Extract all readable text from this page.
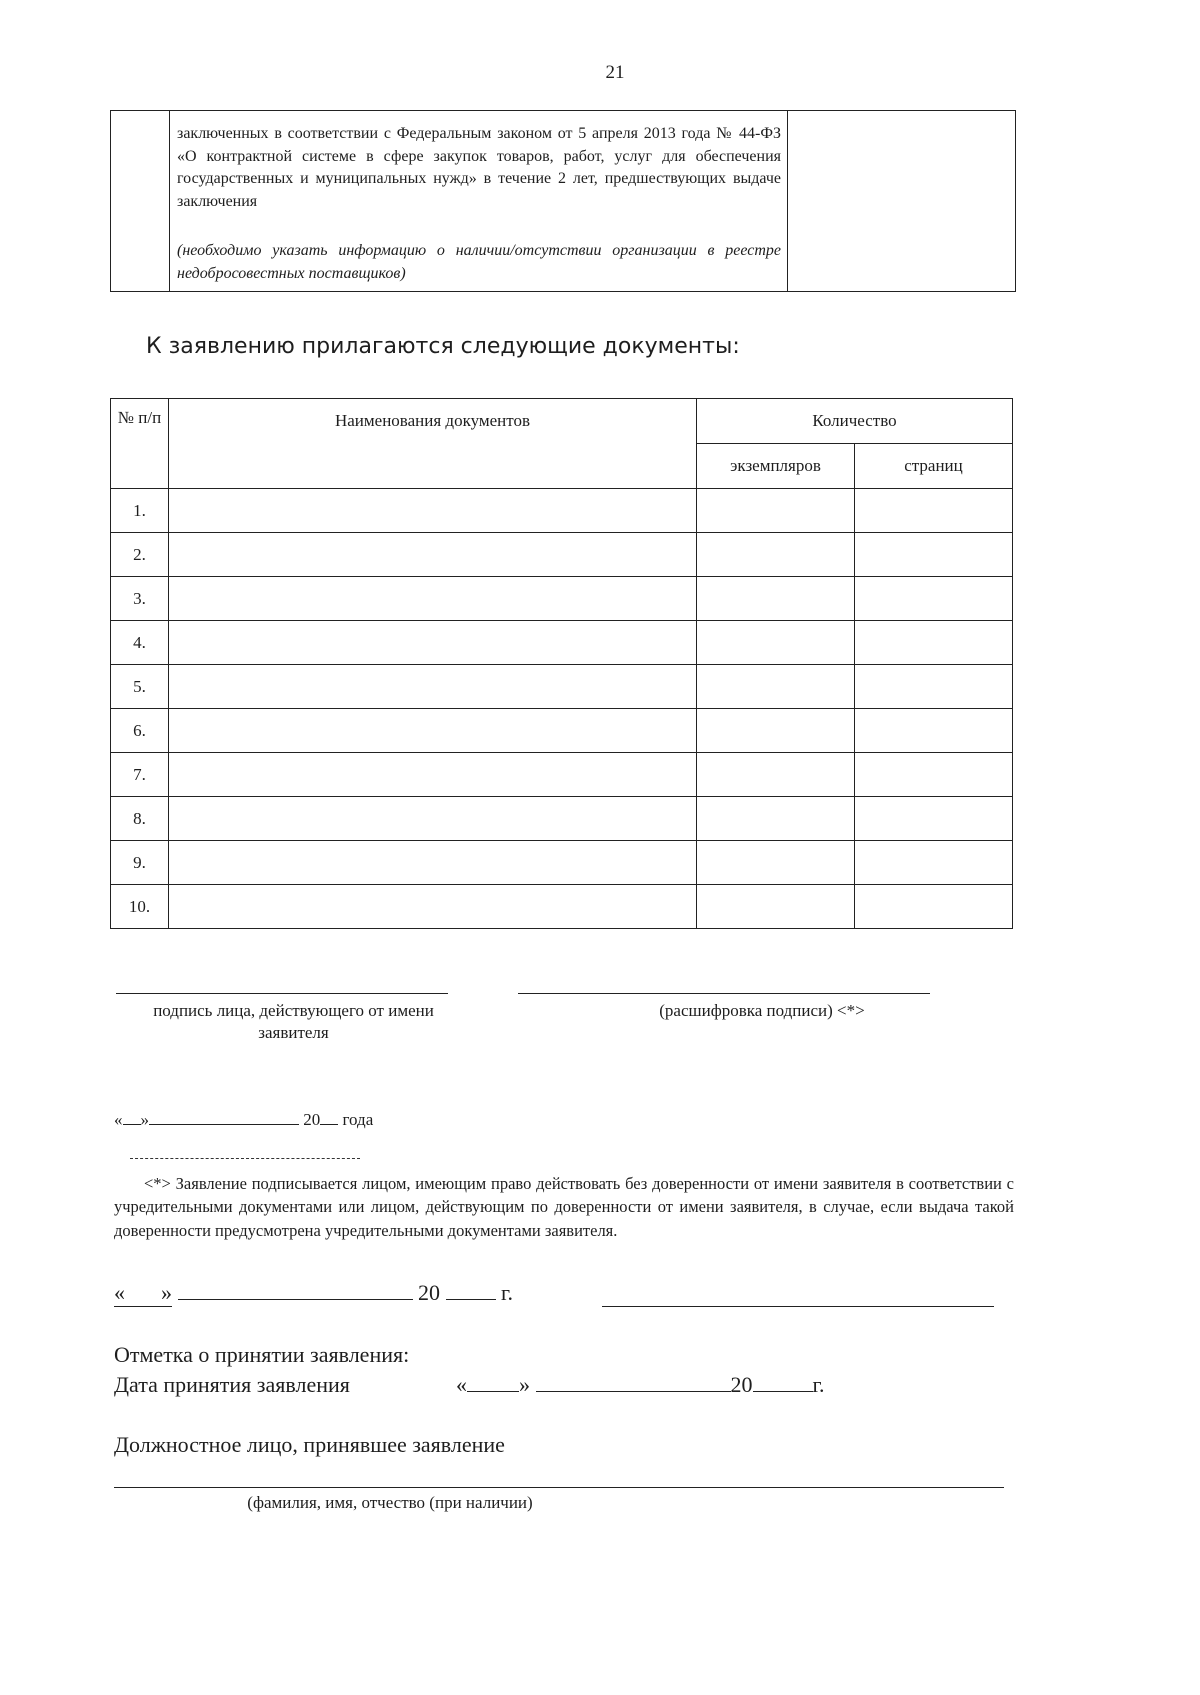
21
заключенных в соответствии с Федеральным законом от 5 апреля 2013 года № 44-ФЗ «О контрактной системе в сфере закупок товаров, работ, услуг для обеспечения государственных и муниципальных нужд» в течение 2 лет, предшествующих выдаче заключения
(необходимо указать информацию о наличии/отсутствии организации в реестре недобросовестных поставщиков)
К заявлению прилагаются следующие документы:
№ п/п	Наименования документов	Количество	
		экземпляров	страниц
1.			
2.			
3.			
4.			
5.			
6.			
7.			
8.			
9.			
10.			
подпись лица, действующего от имени заявителя
(расшифровка подписи) <*>
« »	20 года
<*> Заявление подписывается лицом, имеющим право действовать без доверенности от имени заявителя в соответствии с учредительными документами или лицом, действующим по доверенности от имени заявителя, в случае, если выдача такой доверенности предусмотрена учредительными документами заявителя.
« »	20	г.
Отметка о принятии заявления:
Дата принятия заявления	« »	20	г.
Должностное лицо, принявшее заявление
(фамилия, имя, отчество (при наличии)
